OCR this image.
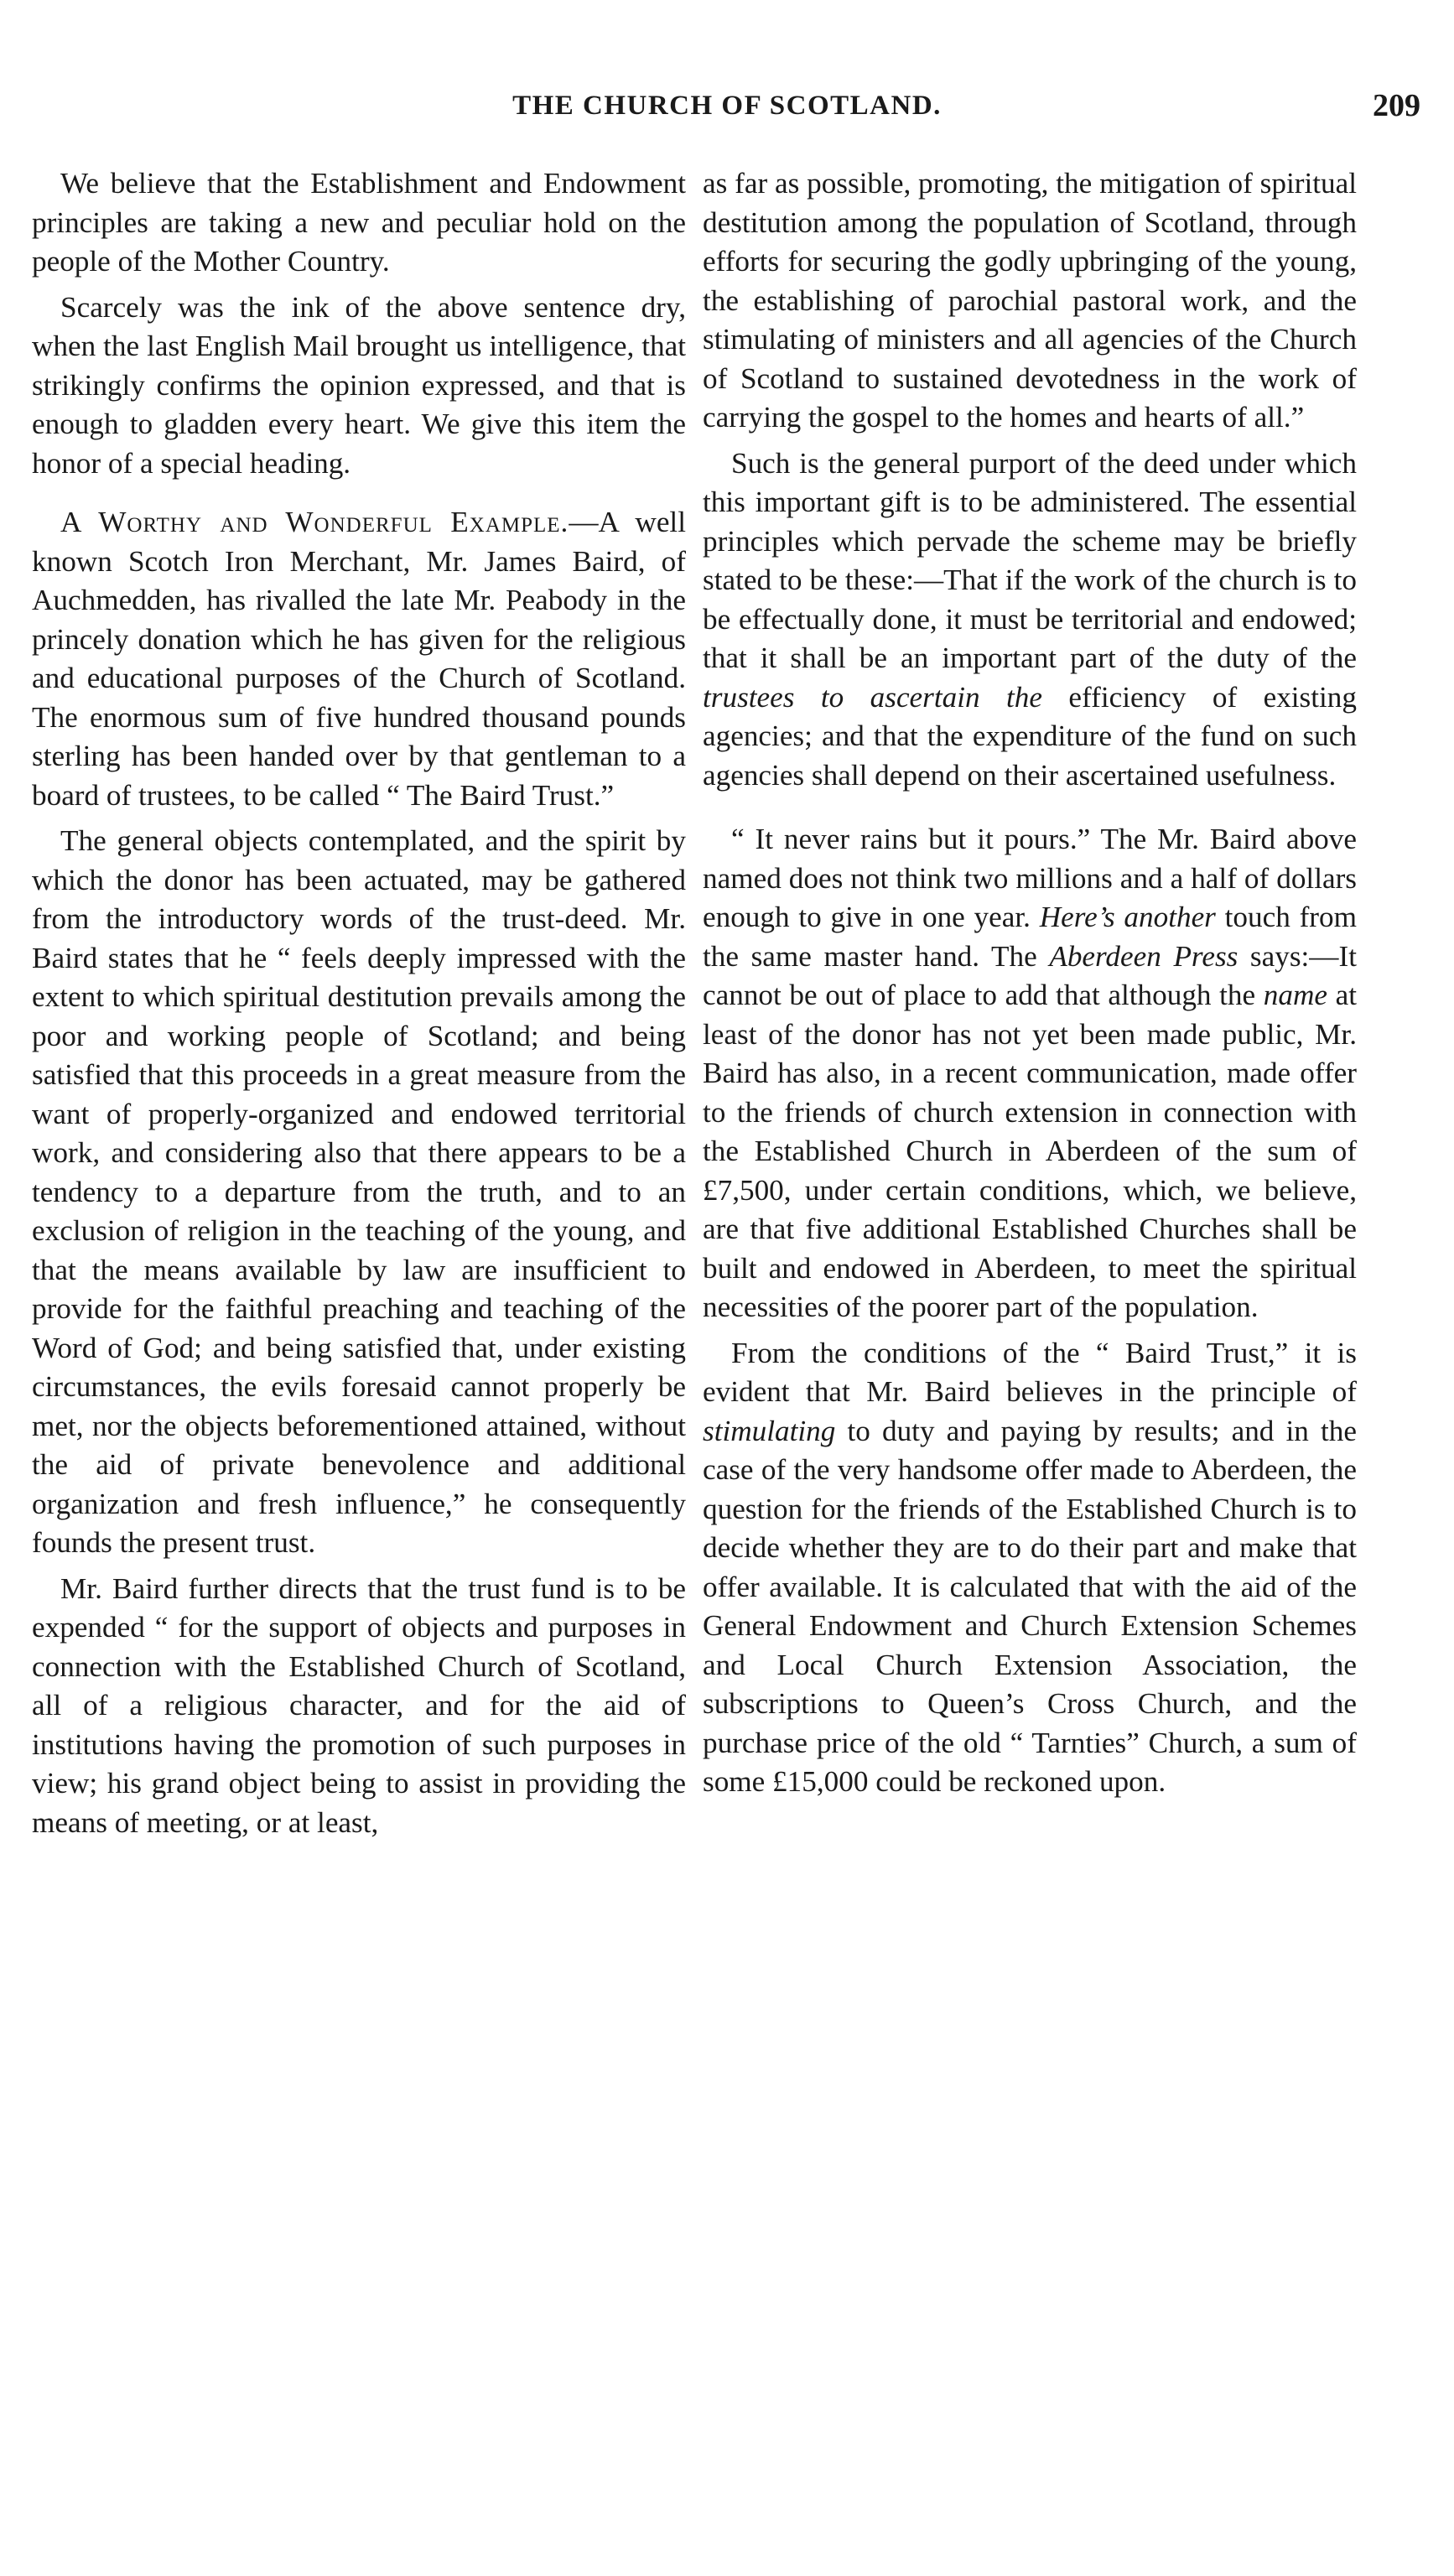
THE CHURCH OF SCOTLAND.	209

We believe that the Establishment and Endowment principles are taking a new and peculiar hold on the people of the Mother Country.

Scarcely was the ink of the above sentence dry, when the last English Mail brought us intelligence, that strikingly confirms the opinion expressed, and that is enough to gladden every heart. We give this item the honor of a special heading.

A Worthy and Wonderful Example.—A well known Scotch Iron Merchant, Mr. James Baird, of Auchmedden, has rivalled the late Mr. Peabody in the princely donation which he has given for the religious and educational purposes of the Church of Scotland. The enormous sum of five hundred thousand pounds sterling has been handed over by that gentleman to a board of trustees, to be called “ The Baird Trust.”

The general objects contemplated, and the spirit by which the donor has been actuated, may be gathered from the introductory words of the trust-deed. Mr. Baird states that he “ feels deeply impressed with the extent to which spiritual destitution prevails among the poor and working people of Scotland; and being satisfied that this proceeds in a great measure from the want of properly-organized and endowed territorial work, and considering also that there appears to be a tendency to a departure from the truth, and to an exclusion of religion in the teaching of the young, and that the means available by law are insufficient to provide for the faithful preaching and teaching of the Word of God; and being satisfied that, under existing circumstances, the evils foresaid cannot properly be met, nor the objects beforementioned attained, without the aid of private benevolence and additional organization and fresh influence,” he consequently founds the present trust.

Mr. Baird further directs that the trust fund is to be expended “ for the support of objects and purposes in connection with the Established Church of Scotland, all of a religious character, and for the aid of institutions having the promotion of such purposes in view; his grand object being to assist in providing the means of meeting, or at least,

as far as possible, promoting, the mitigation of spiritual destitution among the population of Scotland, through efforts for securing the godly upbringing of the young, the establishing of parochial pastoral work, and the stimulating of ministers and all agencies of the Church of Scotland to sustained devotedness in the work of carrying the gospel to the homes and hearts of all.”

Such is the general purport of the deed under which this important gift is to be administered. The essential principles which pervade the scheme may be briefly stated to be these:—That if the work of the church is to be effectually done, it must be territorial and endowed; that it shall be an important part of the duty of the trustees to ascertain the efficiency of existing agencies; and that the expenditure of the fund on such agencies shall depend on their ascertained usefulness.

“ It never rains but it pours.” The Mr. Baird above named does not think two millions and a half of dollars enough to give in one year. Here’s another touch from the same master hand. The Aberdeen Press says:—It cannot be out of place to add that although the name at least of the donor has not yet been made public, Mr. Baird has also, in a recent communication, made offer to the friends of church extension in connection with the Established Church in Aberdeen of the sum of £7,500, under certain conditions, which, we believe, are that five additional Established Churches shall be built and endowed in Aberdeen, to meet the spiritual necessities of the poorer part of the population.

From the conditions of the “ Baird Trust,” it is evident that Mr. Baird believes in the principle of stimulating to duty and paying by results; and in the case of the very handsome offer made to Aberdeen, the question for the friends of the Established Church is to decide whether they are to do their part and make that offer available. It is calculated that with the aid of the General Endowment and Church Extension Schemes and Local Church Extension Association, the subscriptions to Queen’s Cross Church, and the purchase price of the old “ Tarnties” Church, a sum of some £15,000 could be reckoned upon.
